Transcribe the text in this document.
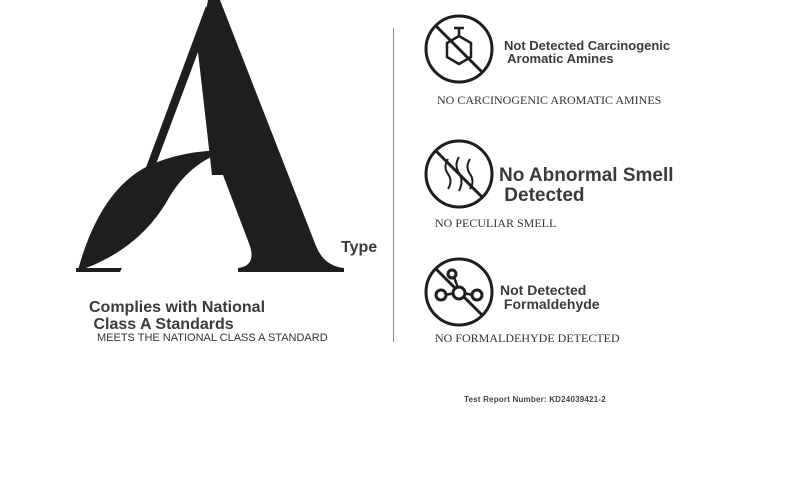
Type
Complies with National
Class A Standards
MEETS THE NATIONAL CLASS A STANDARD
Not Detected Carcinogenic
Aromatic Amines
NO CARCINOGENIC AROMATIC AMINES
No Abnormal Smell
Detected
NO PECULIAR SMELL
Not Detected
Formaldehyde
NO FORMALDEHYDE DETECTED
Test Report Number: KD24039421-2
